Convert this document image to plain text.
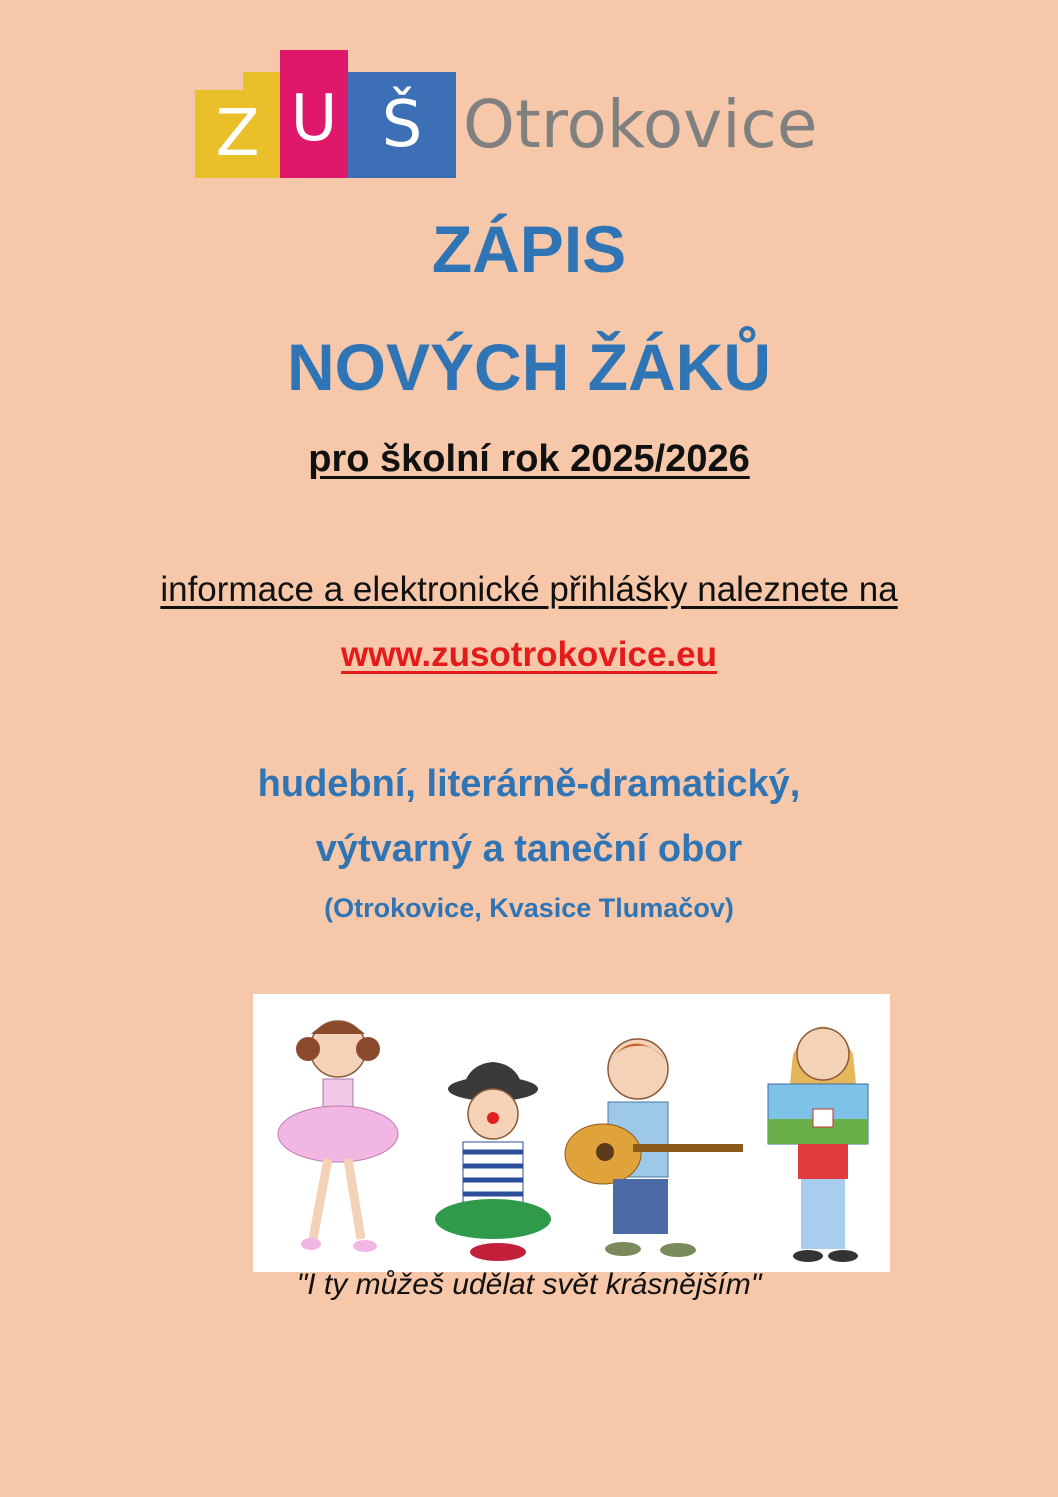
Z U Š Otrokovice
ZÁPIS
NOVÝCH ŽÁKŮ
pro školní rok 2025/2026
informace a elektronické přihlášky naleznete na
www.zusotrokovice.eu
hudební, literárně-dramatický,
výtvarný a taneční obor
(Otrokovice, Kvasice Tlumačov)
"I ty můžeš udělat svět krásnějším"
